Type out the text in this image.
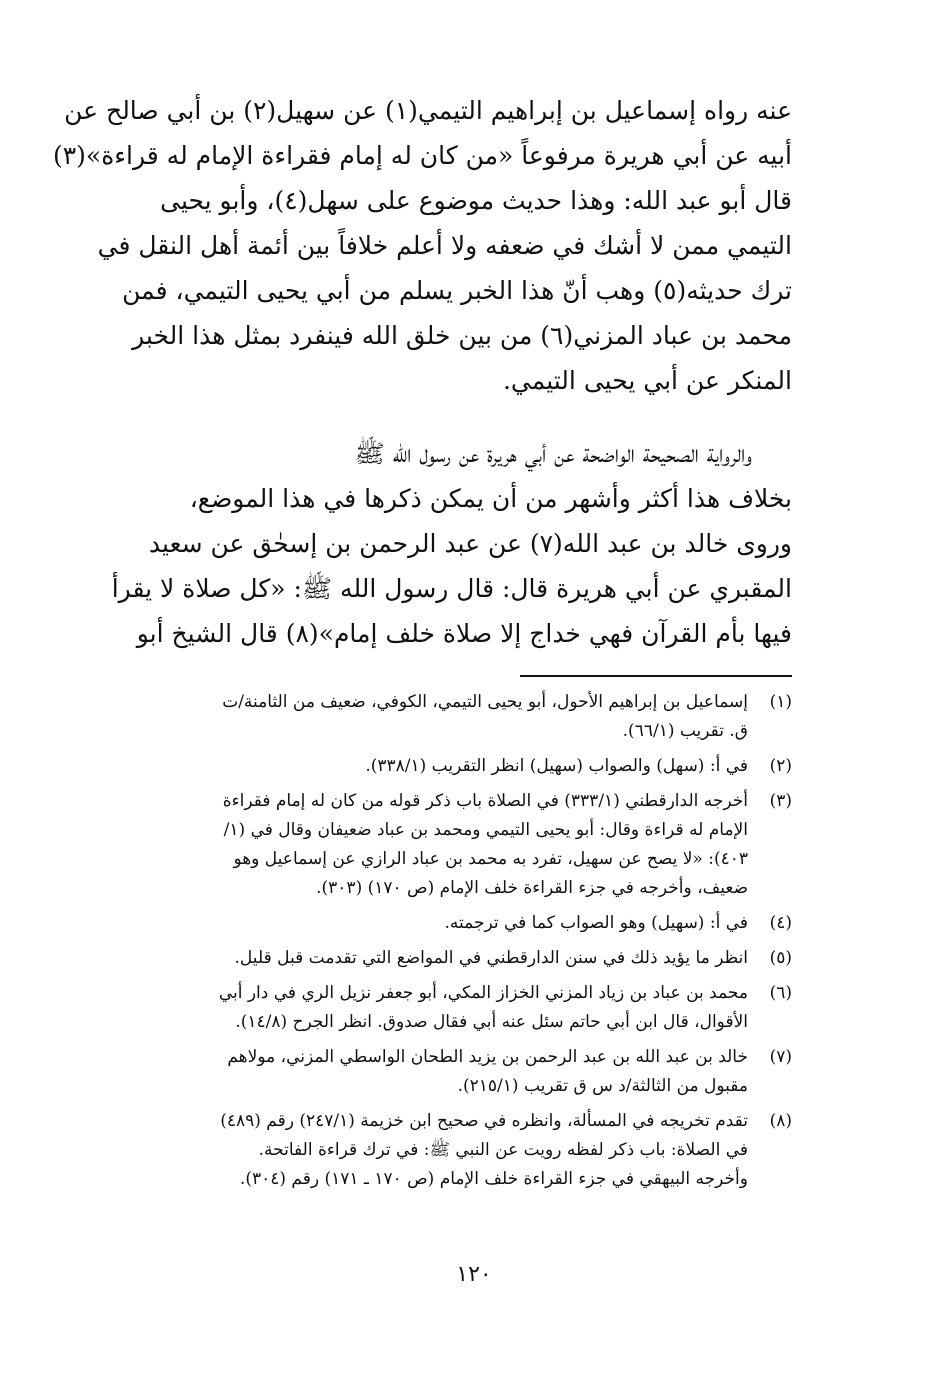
عنه رواه إسماعيل بن إبراهيم التيمي(١) عن سهيل(٢) بن أبي صالح عن
أبيه عن أبي هريرة مرفوعاً «من كان له إمام فقراءة الإمام له قراءة»(٣)
قال أبو عبد الله: وهذا حديث موضوع على سهل(٤)، وأبو يحيى
التيمي ممن لا أشك في ضعفه ولا أعلم خلافاً بين أئمة أهل النقل في
ترك حديثه(٥) وهب أنّ هذا الخبر يسلم من أبي يحيى التيمي، فمن
محمد بن عباد المزني(٦) من بين خلق الله فينفرد بمثل هذا الخبر
المنكر عن أبي يحيى التيمي.
والرواية الصحيحة الواضحة عن أبي هريرة عن رسول الله ﷺ
بخلاف هذا أكثر وأشهر من أن يمكن ذكرها في هذا الموضع،
وروى خالد بن عبد الله(٧) عن عبد الرحمن بن إسحٰق عن سعيد
المقبري عن أبي هريرة قال: قال رسول الله ﷺ: «كل صلاة لا يقرأ
فيها بأم القرآن فهي خداج إلا صلاة خلف إمام»(٨) قال الشيخ أبو
(١)
إسماعيل بن إبراهيم الأحول، أبو يحيى التيمي، الكوفي، ضعيف من الثامنة/ت
ق. تقريب (٦٦/١).
(٢)
في أ: (سهل) والصواب (سهيل) انظر التقريب (٣٣٨/١).
(٣)
أخرجه الدارقطني (٣٣٣/١) في الصلاة باب ذكر قوله من كان له إمام فقراءة
الإمام له قراءة وقال: أبو يحيى التيمي ومحمد بن عباد ضعيفان وقال في (١/
٤٠٣): «لا يصح عن سهيل، تفرد به محمد بن عباد الرازي عن إسماعيل وهو
ضعيف، وأخرجه في جزء القراءة خلف الإمام (ص ١٧٠) (٣٠٣).
(٤)
في أ: (سهيل) وهو الصواب كما في ترجمته.
(٥)
انظر ما يؤيد ذلك في سنن الدارقطني في المواضع التي تقدمت قبل قليل.
(٦)
محمد بن عباد بن زياد المزني الخزاز المكي، أبو جعفر نزيل الري في دار أبي
الأقوال، قال ابن أبي حاتم سئل عنه أبي فقال صدوق. انظر الجرح (١٤/٨).
(٧)
خالد بن عبد الله بن عبد الرحمن بن يزيد الطحان الواسطي المزني، مولاهم
مقبول من الثالثة/د س ق تقريب (٢١٥/١).
(٨)
تقدم تخريجه في المسألة، وانظره في صحيح ابن خزيمة (٢٤٧/١) رقم (٤٨٩)
في الصلاة: باب ذكر لفظه رويت عن النبي ﷺ: في ترك قراءة الفاتحة.
وأخرجه البيهقي في جزء القراءة خلف الإمام (ص ١٧٠ ـ ١٧١) رقم (٣٠٤).
١٢٠
